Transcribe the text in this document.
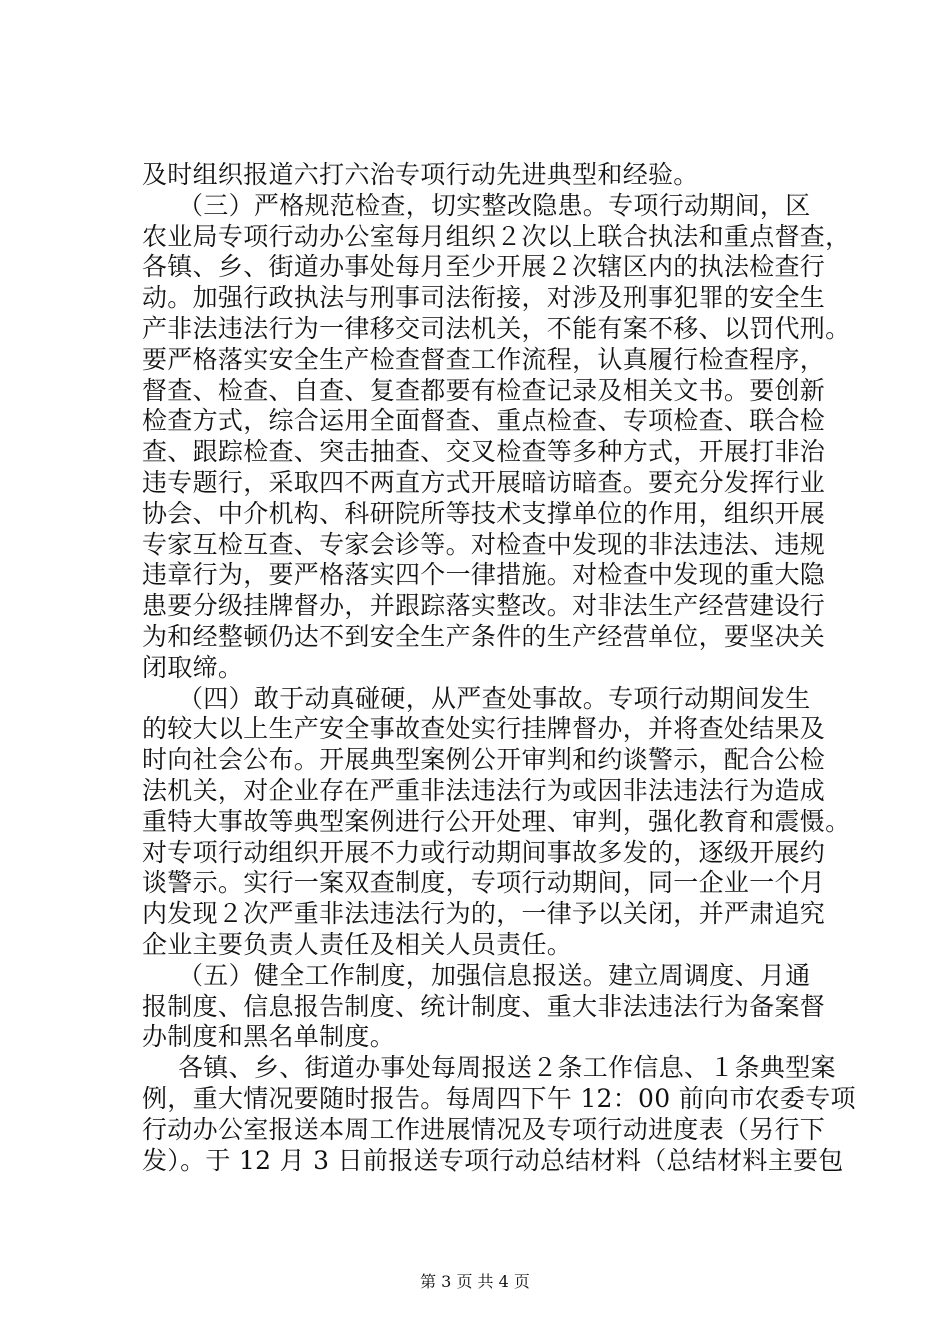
及时组织报道六打六治专项行动先进典型和经验。
（三）严格规范检查，切实整改隐患。专项行动期间，区
农业局专项行动办公室每月组织２次以上联合执法和重点督查，
各镇、乡、街道办事处每月至少开展２次辖区内的执法检查行
动。加强行政执法与刑事司法衔接，对涉及刑事犯罪的安全生
产非法违法行为一律移交司法机关，不能有案不移、以罚代刑。
要严格落实安全生产检查督查工作流程，认真履行检查程序，
督查、检查、自查、复查都要有检查记录及相关文书。要创新
检查方式，综合运用全面督查、重点检查、专项检查、联合检
查、跟踪检查、突击抽查、交叉检查等多种方式，开展打非治
违专题行，采取四不两直方式开展暗访暗查。要充分发挥行业
协会、中介机构、科研院所等技术支撑单位的作用，组织开展
专家互检互查、专家会诊等。对检查中发现的非法违法、违规
违章行为，要严格落实四个一律措施。对检查中发现的重大隐
患要分级挂牌督办，并跟踪落实整改。对非法生产经营建设行
为和经整顿仍达不到安全生产条件的生产经营单位，要坚决关
闭取缔。
（四）敢于动真碰硬，从严查处事故。专项行动期间发生
的较大以上生产安全事故查处实行挂牌督办，并将查处结果及
时向社会公布。开展典型案例公开审判和约谈警示，配合公检
法机关，对企业存在严重非法违法行为或因非法违法行为造成
重特大事故等典型案例进行公开处理、审判，强化教育和震慑。
对专项行动组织开展不力或行动期间事故多发的，逐级开展约
谈警示。实行一案双查制度，专项行动期间，同一企业一个月
内发现２次严重非法违法行为的，一律予以关闭，并严肃追究
企业主要负责人责任及相关人员责任。
（五）健全工作制度，加强信息报送。建立周调度、月通
报制度、信息报告制度、统计制度、重大非法违法行为备案督
办制度和黑名单制度。
各镇、乡、街道办事处每周报送２条工作信息、１条典型案
例，重大情况要随时报告。每周四下午 12：00 前向市农委专项
行动办公室报送本周工作进展情况及专项行动进度表（另行下
发）。于 12 月 3 日前报送专项行动总结材料（总结材料主要包
第 3 页 共 4 页
